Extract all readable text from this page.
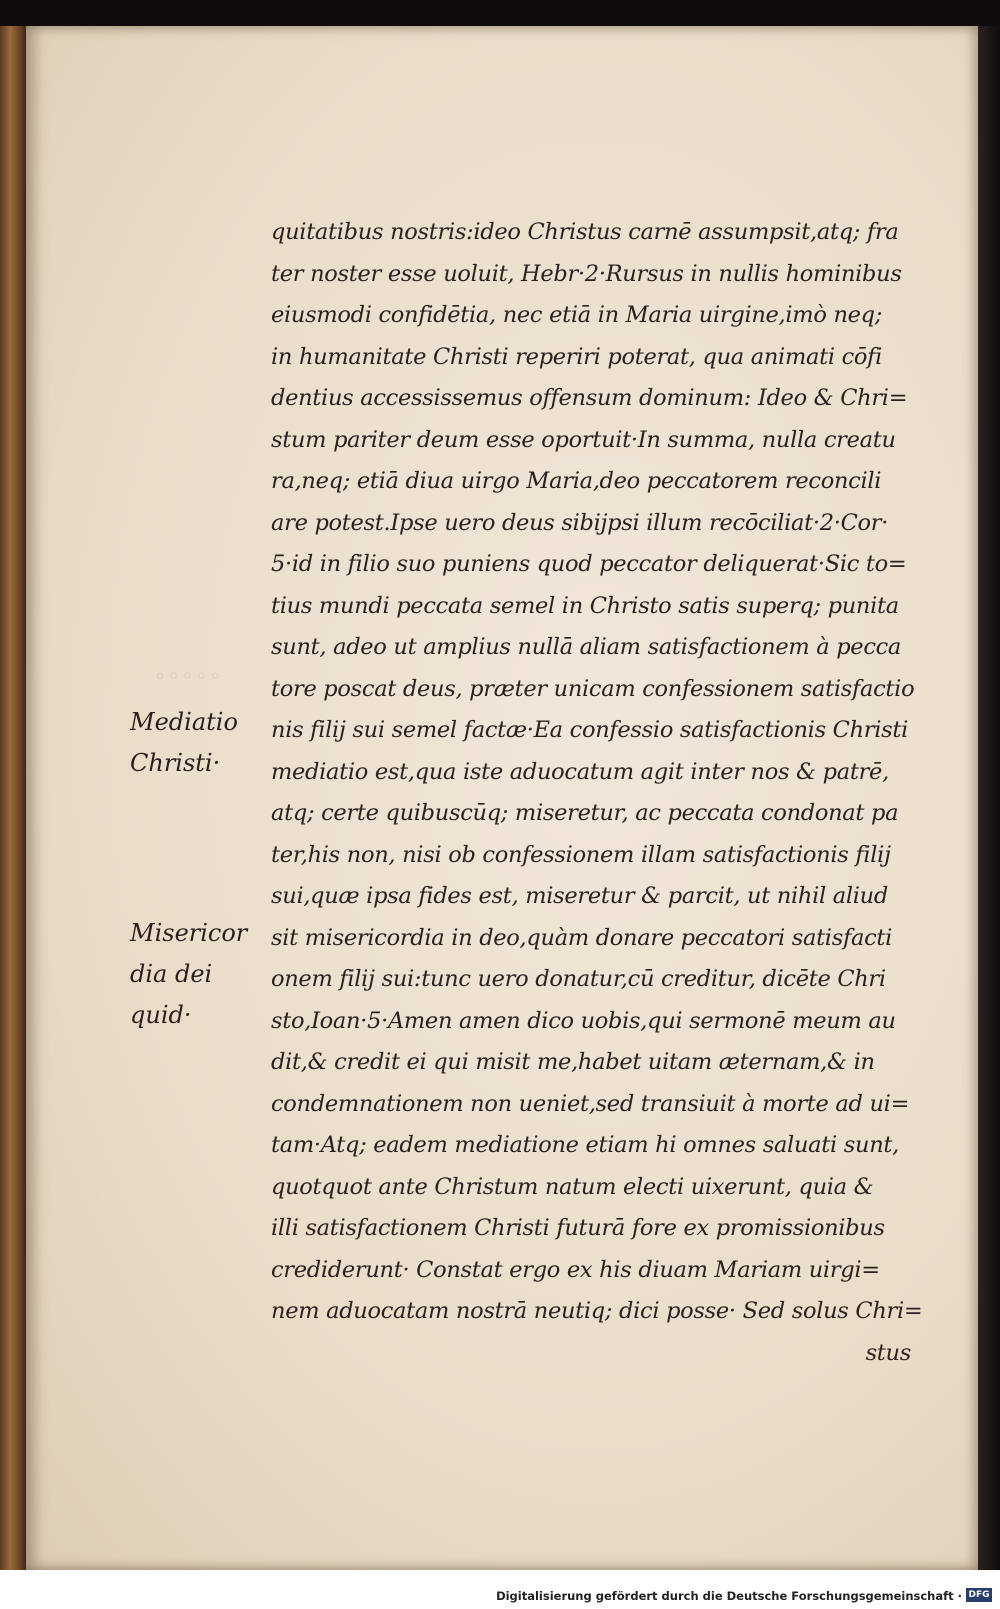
◦◦◦◦◦
Mediatio
Christi·
Misericor
dia dei
quid·
quitatibus nostris:ideo Christus carnē assumpsit,atq; fra
ter noster esse uoluit, Hebr·2·Rursus in nullis hominibus
eiusmodi confidētia, nec etiā in Maria uirgine,imò neq;
in humanitate Christi reperiri poterat, qua animati cōfi
dentius accessissemus offensum dominum: Ideo & Chri=
stum pariter deum esse oportuit·In summa, nulla creatu
ra,neq; etiā diua uirgo Maria,deo peccatorem reconcili
are potest.Ipse uero deus sibijpsi illum recōciliat·2·Cor·
5·id in filio suo puniens quod peccator deliquerat·Sic to=
tius mundi peccata semel in Christo satis superq; punita
sunt, adeo ut amplius nullā aliam satisfactionem à pecca
tore poscat deus, præter unicam confessionem satisfactio
nis filij sui semel factæ·Ea confessio satisfactionis Christi
mediatio est,qua iste aduocatum agit inter nos & patrē,
atq; certe quibuscūq; miseretur, ac peccata condonat pa
ter,his non, nisi ob confessionem illam satisfactionis filij
sui,quæ ipsa fides est, miseretur & parcit, ut nihil aliud
sit misericordia in deo,quàm donare peccatori satisfacti
onem filij sui:tunc uero donatur,cū creditur, dicēte Chri
sto,Ioan·5·Amen amen dico uobis,qui sermonē meum au
dit,& credit ei qui misit me,habet uitam æternam,& in
condemnationem non ueniet,sed transiuit à morte ad ui=
tam·Atq; eadem mediatione etiam hi omnes saluati sunt,
quotquot ante Christum natum electi uixerunt, quia &
illi satisfactionem Christi futurā fore ex promissionibus
crediderunt· Constat ergo ex his diuam Mariam uirgi=
nem aduocatam nostrā neutiq; dici posse· Sed solus Chri=
stus
Digitalisierung gefördert durch die Deutsche Forschungsgemeinschaft · DFG
